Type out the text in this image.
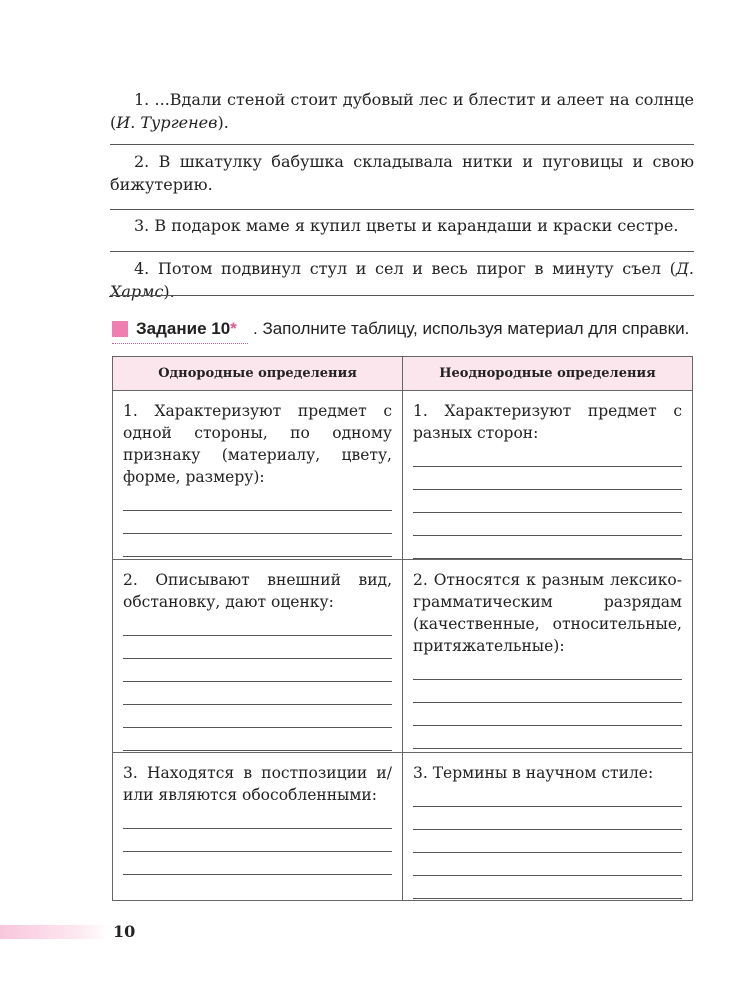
1. ...Вдали стеной стоит дубовый лес и блестит и алеет на солнце (И. Тургенев).

2. В шкатулку бабушка складывала нитки и пуговицы и свою бижутерию.

3. В подарок маме я купил цветы и карандаши и краски сестре.

4. Потом подвинул стул и сел и весь пирог в минуту съел (Д. Хармс).

Задание 10* . Заполните таблицу, используя материал для справки.
Однородные определения	Неоднородные определения

1. Характеризуют предмет с одной стороны, по одному признаку (материалу, цвету, форме, размеру):	1. Характеризуют предмет с разных сторон:

2. Описывают внешний вид, обстановку, дают оценку:	2. Относятся к разным лексико-грамматическим разрядам (качественные, относительные, притяжательные):

3. Находятся в постпозиции и/или являются обособленными:	3. Термины в научном стиле:

10
